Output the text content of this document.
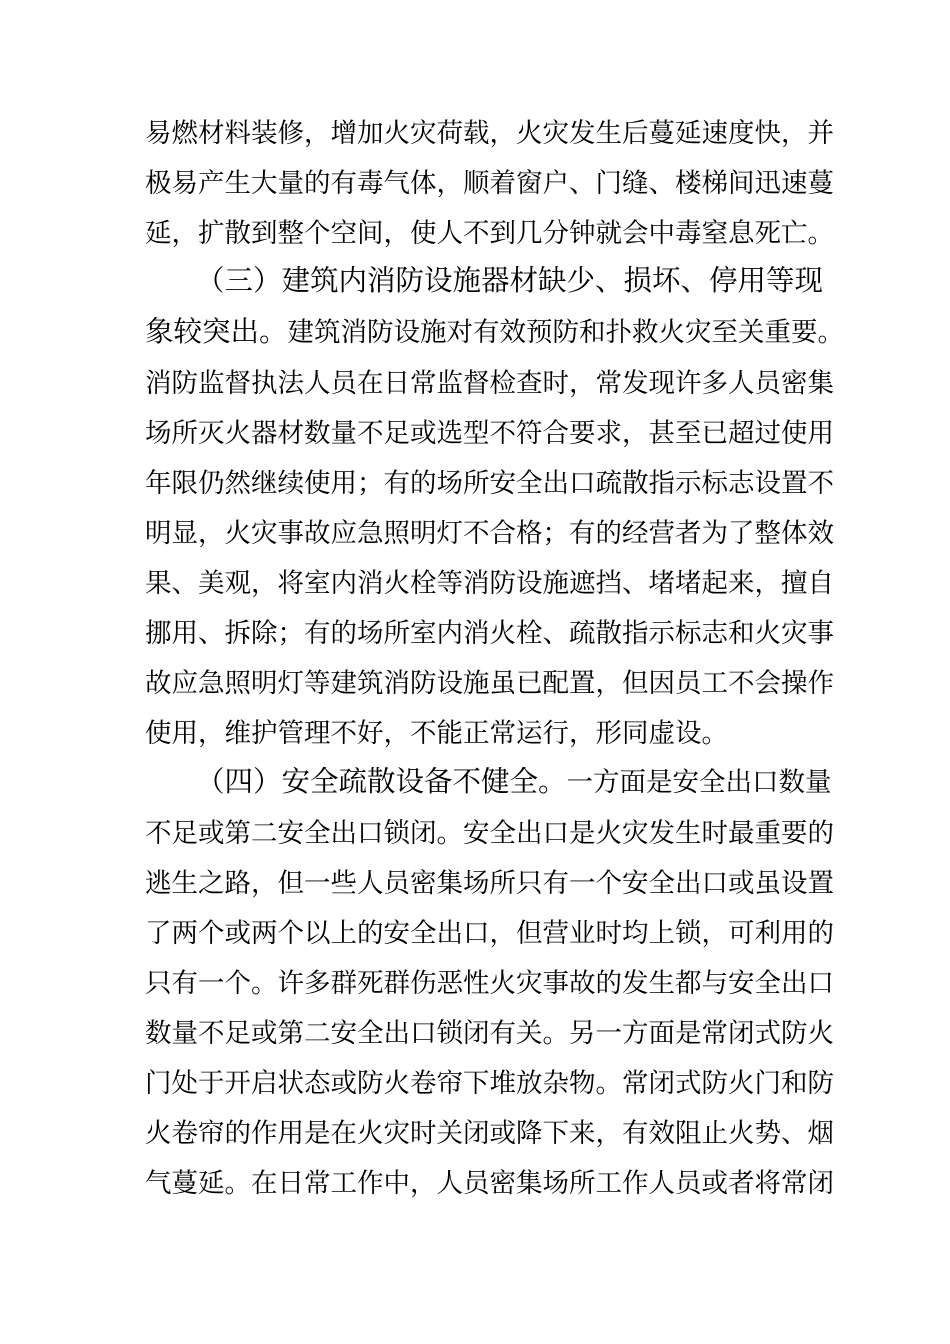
易燃材料装修，增加火灾荷载，火灾发生后蔓延速度快，并
极易产生大量的有毒气体，顺着窗户、门缝、楼梯间迅速蔓
延，扩散到整个空间，使人不到几分钟就会中毒窒息死亡。
（三）建筑内消防设施器材缺少、损坏、停用等现
象较突出。建筑消防设施对有效预防和扑救火灾至关重要。
消防监督执法人员在日常监督检查时，常发现许多人员密集
场所灭火器材数量不足或选型不符合要求，甚至已超过使用
年限仍然继续使用；有的场所安全出口疏散指示标志设置不
明显，火灾事故应急照明灯不合格；有的经营者为了整体效
果、美观，将室内消火栓等消防设施遮挡、堵堵起来，擅自
挪用、拆除；有的场所室内消火栓、疏散指示标志和火灾事
故应急照明灯等建筑消防设施虽已配置，但因员工不会操作
使用，维护管理不好，不能正常运行，形同虚设。
（四）安全疏散设备不健全。一方面是安全出口数量
不足或第二安全出口锁闭。安全出口是火灾发生时最重要的
逃生之路，但一些人员密集场所只有一个安全出口或虽设置
了两个或两个以上的安全出口，但营业时均上锁，可利用的
只有一个。许多群死群伤恶性火灾事故的发生都与安全出口
数量不足或第二安全出口锁闭有关。另一方面是常闭式防火
门处于开启状态或防火卷帘下堆放杂物。常闭式防火门和防
火卷帘的作用是在火灾时关闭或降下来，有效阻止火势、烟
气蔓延。在日常工作中，人员密集场所工作人员或者将常闭
